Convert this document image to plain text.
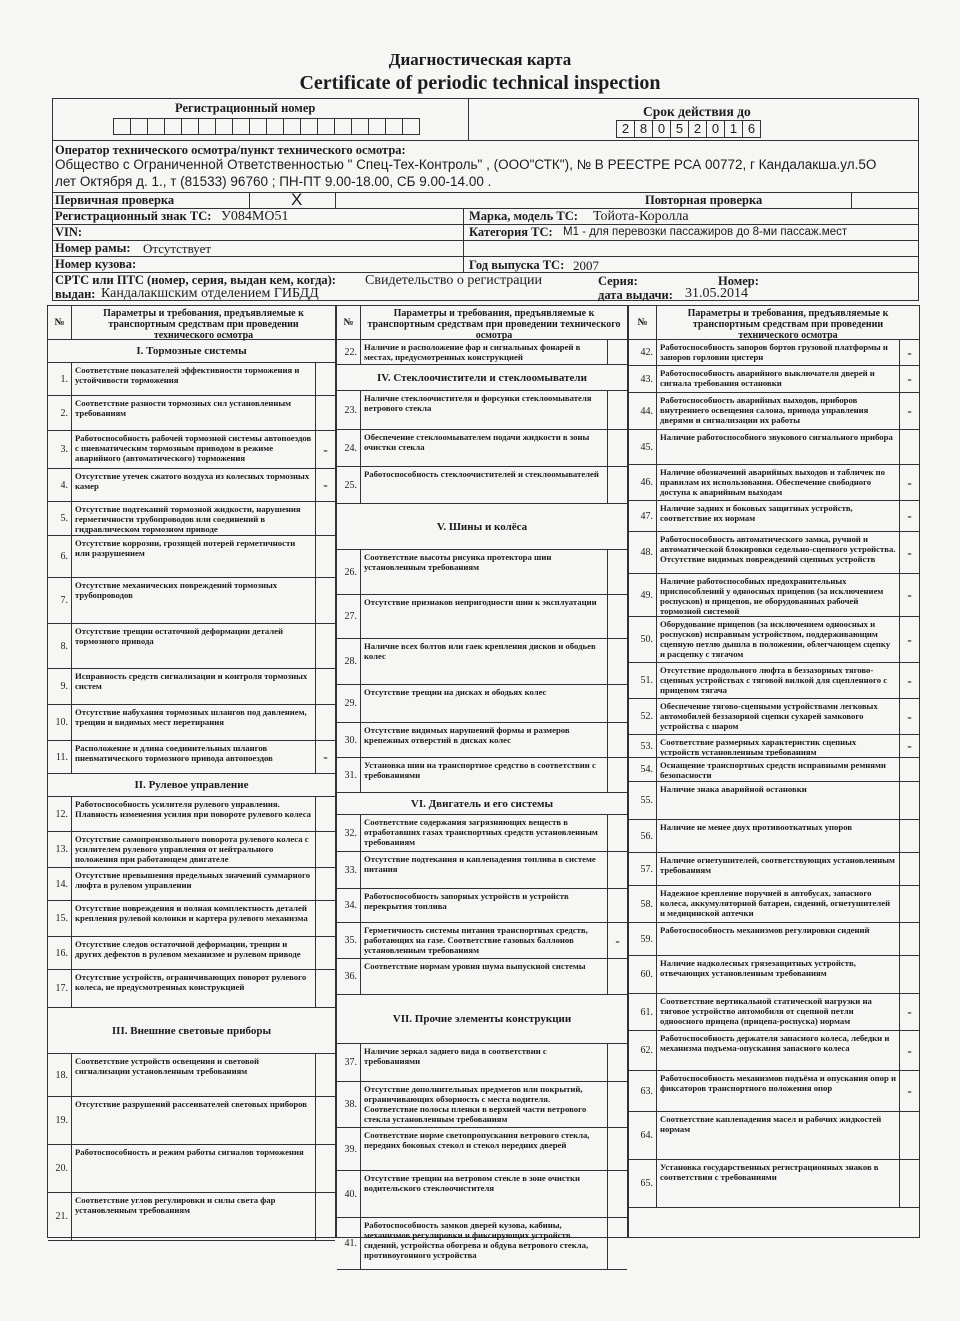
Диагностическая карта
Certificate of periodic technical inspection
Регистрационный номер	Срок действия до
2 8 0 5 2 0 1 6
Оператор технического осмотра/пункт технического осмотра:
Общество с Ограниченной Ответственностью " Спец-Тех-Контроль" , (ООО"СТК"), № В РЕЕСТРЕ РСА 00772, г Кандалакша.ул.5О
лет Октября д. 1., т (81533) 96760 ; ПН-ПТ 9.00-18.00, СБ 9.00-14.00 .
Первичная проверка	X	Повторная проверка
Регистрационный знак ТС: У084МО51	Марка, модель ТС: Тойота-Королла
VIN:	Категория ТС: М1 - для перевозки пассажиров до 8-ми пассаж.мест
Номер рамы: Отсутствует
Номер кузова:	Год выпуска ТС: 2007
СРТС или ПТС (номер, серия, выдан кем, когда): Свидетельство о регистрации	Серия:	Номер:
выдан: Кандалакшским отделением ГИБДД	дата выдачи: 31.05.2014
№
Параметры и требования, предъявляемые к транспортным средствам при проведении технического осмотра
I. Тормозные системы
1.
Соответствие показателей эффективности торможения и устойчивости торможения
2.
Соответствие разности тормозных сил установленным требованиям
3.
Работоспособность рабочей тормозной системы автопоездов с пневматическим тормозным приводом в режиме аварийного (автоматического) торможения
-
4.
Отсутствие утечек сжатого воздуха из колесных тормозных камер	-
5.
Отсутствие подтеканий тормозной жидкости, нарушения герметичности трубопроводов или соединений в гидравлическом тормозном приводе
6.
Отсутствие коррозии, грозящей потерей герметичности или разрушением
7.
Отсутствие механических повреждений тормозных трубопроводов
8.
Отсутствие трещин остаточной деформации деталей тормозного привода
9.
Исправность средств сигнализации и контроля тормозных систем
10.
Отсутствие набухания тормозных шлангов под давлением, трещин и видимых мест перетирания
11.
Расположение и длина соединительных шлангов пневматического тормозного привода автопоездов	-
II. Рулевое управление
12.
Работоспособность усилителя рулевого управления. Плавность изменения усилия при повороте рулевого колеса
13.
Отсутствие самопроизвольного поворота рулевого колеса с усилителем рулевого управления от нейтрального положения при работающем двигателе
14.
Отсутствие превышения предельных значений суммарного люфта в рулевом управлении
15.
Отсутствие повреждения и полная комплектность деталей крепления рулевой колонки и картера рулевого механизма
16.
Отсутствие следов остаточной деформации, трещин и других дефектов в рулевом механизме и рулевом приводе
17.
Отсутствие устройств, ограничивающих поворот рулевого колеса, не предусмотренных конструкцией
III. Внешние световые приборы
18.
Соответствие устройств освещения и световой сигнализации установленным требованиям
19.
Отсутствие разрушений рассеивателей световых приборов
20.
Работоспособность и режим работы сигналов торможения
21.
Соответствие углов регулировки и силы света фар установленным требованиям
№
Параметры и требования, предъявляемые к транспортным средствам при проведении технического осмотра
22. Наличие и расположение фар и сигнальных фонарей в местах, предусмотренных конструкцией
IV. Стеклоочистители и стеклоомыватели
23.
Наличие стеклоочистителя и форсунки стеклоомывателя ветрового стекла
24.
Обеспечение стеклоомывателем подачи жидкости в зоны очистки стекла
25.
Работоспособность стеклоочистителей и стеклоомывателей
V. Шины и колёса
26.
Соответствие высоты рисунка протектора шин установленным требованиям
27.
Отсутствие признаков непригодности шин к эксплуатации
28.
Наличие всех болтов или гаек крепления дисков и ободьев колес
29.
Отсутствие трещин на дисках и ободьях колес
30.
Отсутствие видимых нарушений формы и размеров крепежных отверстий в дисках колес
31.
Установка шин на транспортное средство в соответствии с требованиями
VI. Двигатель и его системы
32.
Соответствие содержания загрязняющих веществ в отработавших газах транспортных средств установленным требованиям
33.
Отсутствие подтекания и каплепадения топлива в системе питания
34.
Работоспособность запорных устройств и устройств перекрытия топлива
35.
Герметичность системы питания транспортных средств, работающих на газе. Соответствие газовых баллонов установленным требованиям
-
36.
Соответствие нормам уровня шума выпускной системы
VII. Прочие элементы конструкции
37.
Наличие зеркал заднего вида в соответствии с требованиями
38.
Отсутствие дополнительных предметов или покрытий, ограничивающих обзорность с места водителя. Соответствие полосы пленки в верхней части ветрового стекла установленным требованиям
39.
Соответствие норме светопропускания ветрового стекла, передних боковых стекол и стекол передних дверей
40.
Отсутствие трещин на ветровом стекле в зоне очистки водительского стеклоочистителя
41.
Работоспособность замков дверей кузова, кабины, механизмов регулировки и фиксирующих устройств сидений, устройства обогрева и обдува ветрового стекла, противоугонного устройства
№
Параметры и требования, предъявляемые к транспортным средствам при проведении технического осмотра
42. Работоспособность запоров бортов грузовой платформы и запоров горловин цистерн	-
43.
Работоспособность аварийного выключателя дверей и сигнала требования остановки	-
44.
Работоспособность аварийных выходов, приборов внутреннего освещения салона, привода управления дверями и сигнализации их работы
-
45.
Наличие работоспособного звукового сигнального прибора
46.
Наличие обозначений аварийных выходов и табличек по правилам их использования. Обеспечение свободного доступа к аварийным выходам
-
47.
Наличие задних и боковых защитных устройств, соответствие их нормам	-
48.
Работоспособность автоматического замка, ручной и автоматической блокировки седельно-сцепного устройства. Отсутствие видимых повреждений сцепных устройств	-
49.
Наличие работоспособных предохранительных приспособлений у одноосных прицепов (за исключением роспусков) и прицепов, не оборудованных рабочей тормозной системой
-
50.
Оборудование прицепов (за исключением одноосных и роспусков) исправным устройством, поддерживающим сцепную петлю дышла в положении, облегчающем сцепку и расцепку с тягачом
-
51.
Отсутствие продольного люфта в беззазорных тягово-сцепных устройствах с тяговой вилкой для сцепленного с прицепом тягача
-
52.
Обеспечение тягово-сцепными устройствами легковых автомобилей беззазорной сцепки сухарей замкового устройства с шаром
-
53. Соответствие размерных характеристик сцепных устройств установленным требованиям	-
54. Оснащение транспортных средств исправными ремнями безопасности
55.
Наличие знака аварийной остановки
56.
Наличие не менее двух противооткатных упоров
57.
Наличие огнетушителей, соответствующих установленным требованиям
58.
Надежное крепление поручней в автобусах, запасного колеса, аккумуляторной батареи, сидений, огнетушителей и медицинской аптечки
59.
Работоспособность механизмов регулировки сидений
60.
Наличие надколесных грязезащитных устройств, отвечающих установленным требованиям
61.
Соответствие вертикальной статической нагрузки на тяговое устройство автомобиля от сцепной петли одноосного прицепа (прицепа-роспуска) нормам
-
62.
Работоспособность держателя запасного колеса, лебедки и механизма подъема-опускания запасного колеса	-
63.
Работоспособность механизмов подъёма и опускания опор и фиксаторов транспортного положения опор	-
64.
Соответствие каплепадения масел и рабочих жидкостей нормам
65.
Установка государственных регистрационных знаков в соответствии с требованиями
